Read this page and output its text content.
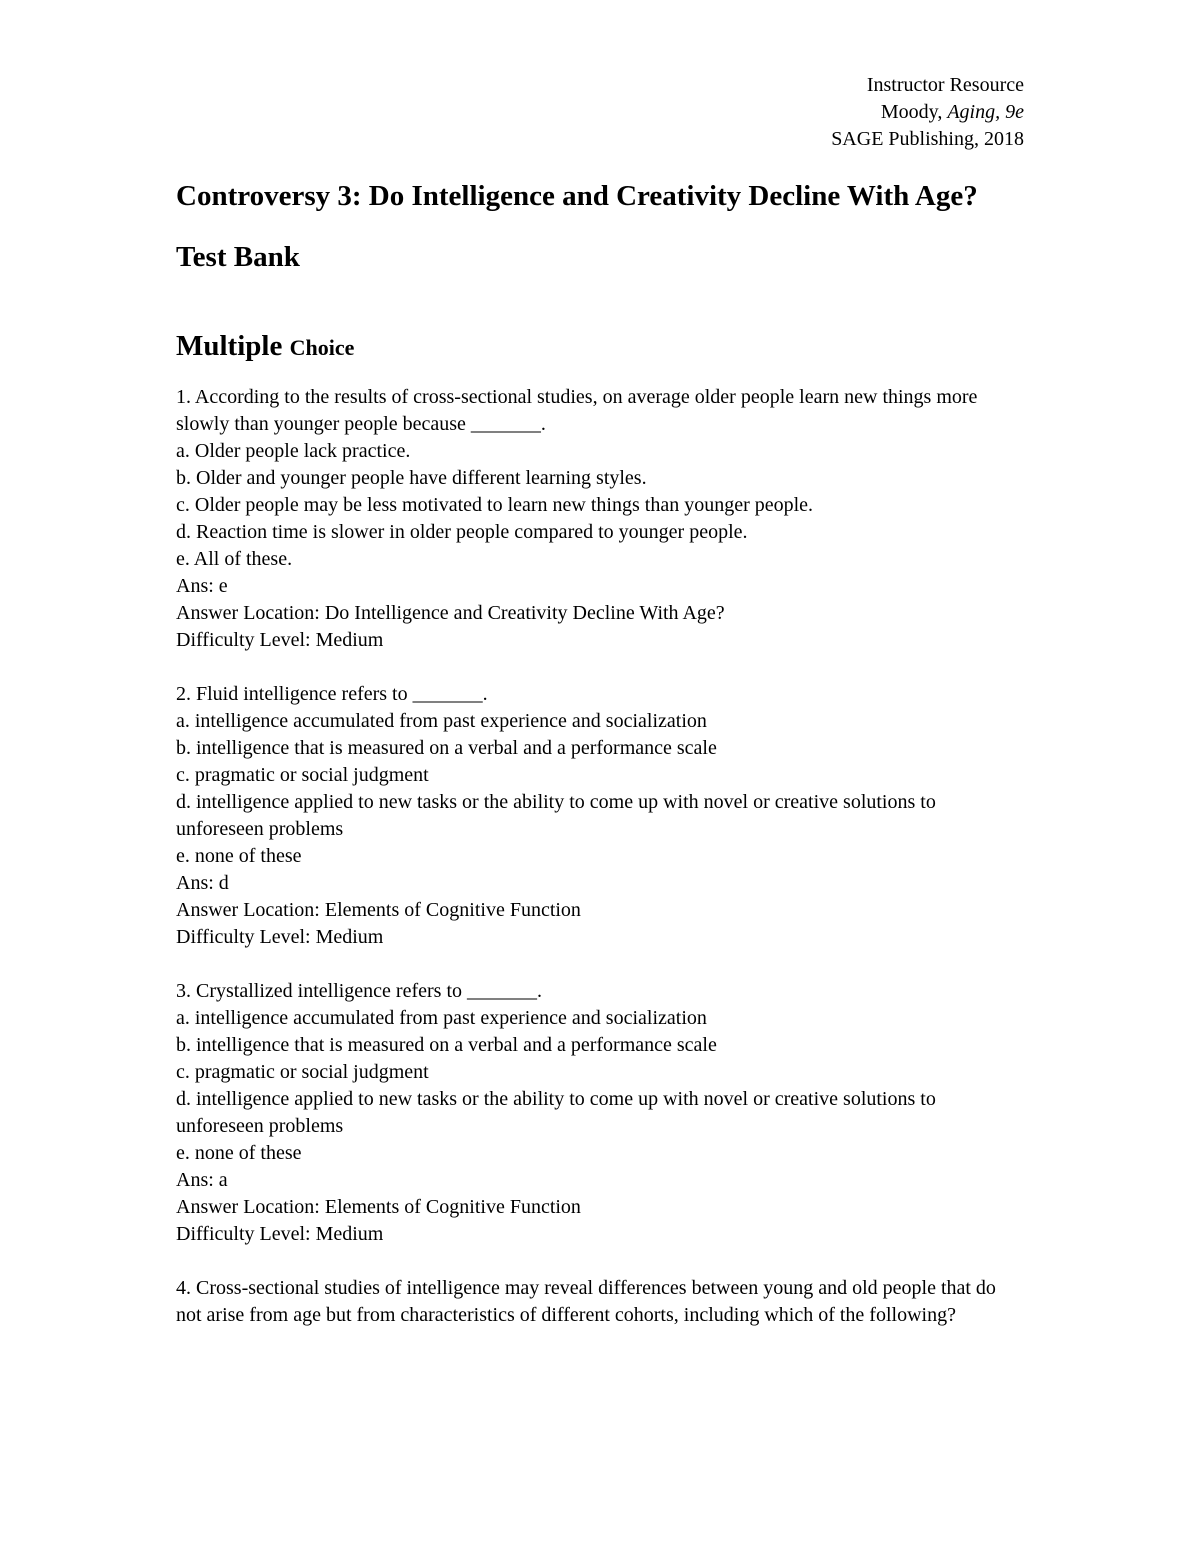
Instructor Resource
Moody, Aging, 9e
SAGE Publishing, 2018
Controversy 3: Do Intelligence and Creativity Decline With Age?
Test Bank
Multiple Choice

1. According to the results of cross-sectional studies, on average older people learn new things more slowly than younger people because _______.

a. Older people lack practice.

b. Older and younger people have different learning styles.

c. Older people may be less motivated to learn new things than younger people.

d. Reaction time is slower in older people compared to younger people.

e. All of these.

Ans: e

Answer Location: Do Intelligence and Creativity Decline With Age?

Difficulty Level: Medium

2. Fluid intelligence refers to _______.

a. intelligence accumulated from past experience and socialization

b. intelligence that is measured on a verbal and a performance scale

c. pragmatic or social judgment

d. intelligence applied to new tasks or the ability to come up with novel or creative solutions to unforeseen problems

e. none of these

Ans: d

Answer Location: Elements of Cognitive Function

Difficulty Level: Medium

3. Crystallized intelligence refers to _______.

a. intelligence accumulated from past experience and socialization

b. intelligence that is measured on a verbal and a performance scale

c. pragmatic or social judgment

d. intelligence applied to new tasks or the ability to come up with novel or creative solutions to unforeseen problems

e. none of these

Ans: a

Answer Location: Elements of Cognitive Function

Difficulty Level: Medium

4. Cross-sectional studies of intelligence may reveal differences between young and old people that do not arise from age but from characteristics of different cohorts, including which of the following?
